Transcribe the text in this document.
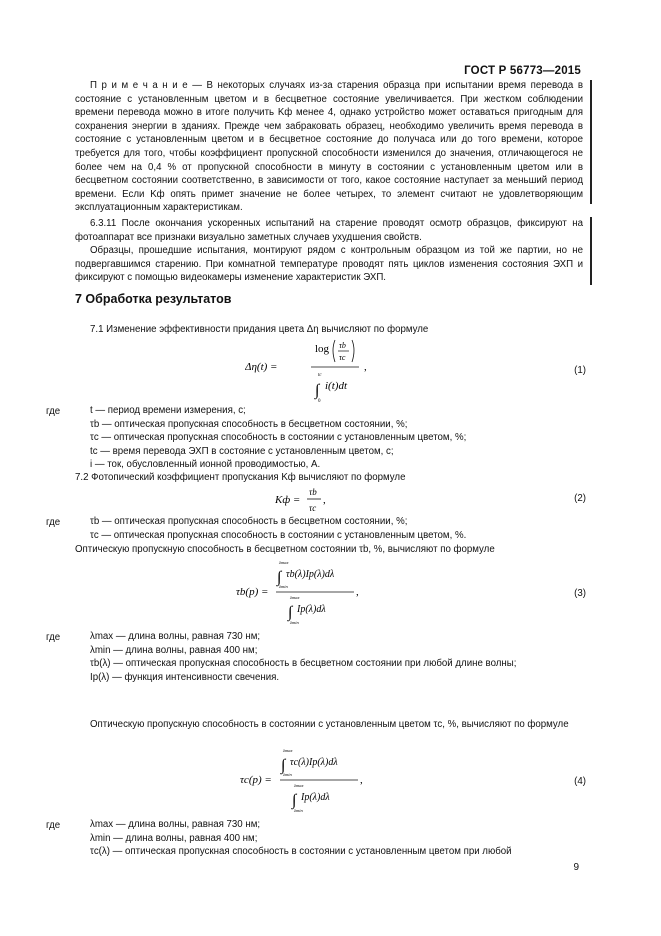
ГОСТ Р 56773—2015

П р и м е ч а н и е — В некоторых случаях из-за старения образца при испытании время перевода в состояние с установленным цветом и в бесцветное состояние увеличивается. При жестком соблюдении времени перевода можно в итоге получить Kф менее 4, однако устройство может оставаться пригодным для сохранения энергии в зданиях. Прежде чем забраковать образец, необходимо увеличить время перевода в состояние с установленным цветом и в бесцветное состояние до получаса или до того времени, которое требуется для того, чтобы коэффициент пропускной способности изменился до значения, отличающегося не более чем на 0,4 % от пропускной способности в минуту в состоянии с установленным цветом или в бесцветном состоянии соответственно, в зависимости от того, какое состояние наступает за меньший период времени. Если Kф опять примет значение не более четырех, то элемент считают не удовлетворяющим эксплуатационным характеристикам.

6.3.11 После окончания ускоренных испытаний на старение проводят осмотр образцов, фиксируют на фотоаппарат все признаки визуально заметных случаев ухудшения свойств.

Образцы, прошедшие испытания, монтируют рядом с контрольным образцом из той же партии, но не подвергавшимся старению. При комнатной температуре проводят пять циклов изменения состояния ЭХП и фиксируют с помощью видеокамеры изменение характеристик ЭХП.

7 Обработка результатов
7.1 Изменение эффективности придания цвета Δη вычисляют по формуле
Δη(t) =
log τb
τc
,
tc
∫ i(t)dt
0
(1)
где	t — период времени измерения, с;
τb — оптическая пропускная способность в бесцветном состоянии, %;
τc — оптическая пропускная способность в состоянии с установленным цветом, %;
tc — время перевода ЭХП в состояние с установленным цветом, с;
i — ток, обусловленный ионной проводимостью, А.
7.2 Фотопический коэффициент пропускания Kф вычисляют по формуле
Kф =
τb
τc
,	(2)
где	τb — оптическая пропускная способность в бесцветном состоянии, %;
τc — оптическая пропускная способность в состоянии с установленным цветом, %.
Оптическую пропускную способность в бесцветном состоянии τb, %, вычисляют по формуле
τb(p) =
λmax
∫ τb(λ)Ip(λ)dλ
λmin	,
λmax
∫ Ip(λ)dλ
λmin
(3)
где	λmax — длина волны, равная 730 нм;
λmin — длина волны, равная 400 нм;
τb(λ) — оптическая пропускная способность в бесцветном состоянии при любой длине волны;
Ip(λ) — функция интенсивности свечения.

Оптическую пропускную способность в состоянии с установленным цветом τc, %, вычисляют по формуле

τc(p) =
λmax
∫ τc(λ)Ip(λ)dλ
λmin	,
λmax
∫ Ip(λ)dλ
λmin
(4)
где	λmax — длина волны, равная 730 нм;
λmin — длина волны, равная 400 нм;
τc(λ) — оптическая пропускная способность в состоянии с установленным цветом при любой
9
